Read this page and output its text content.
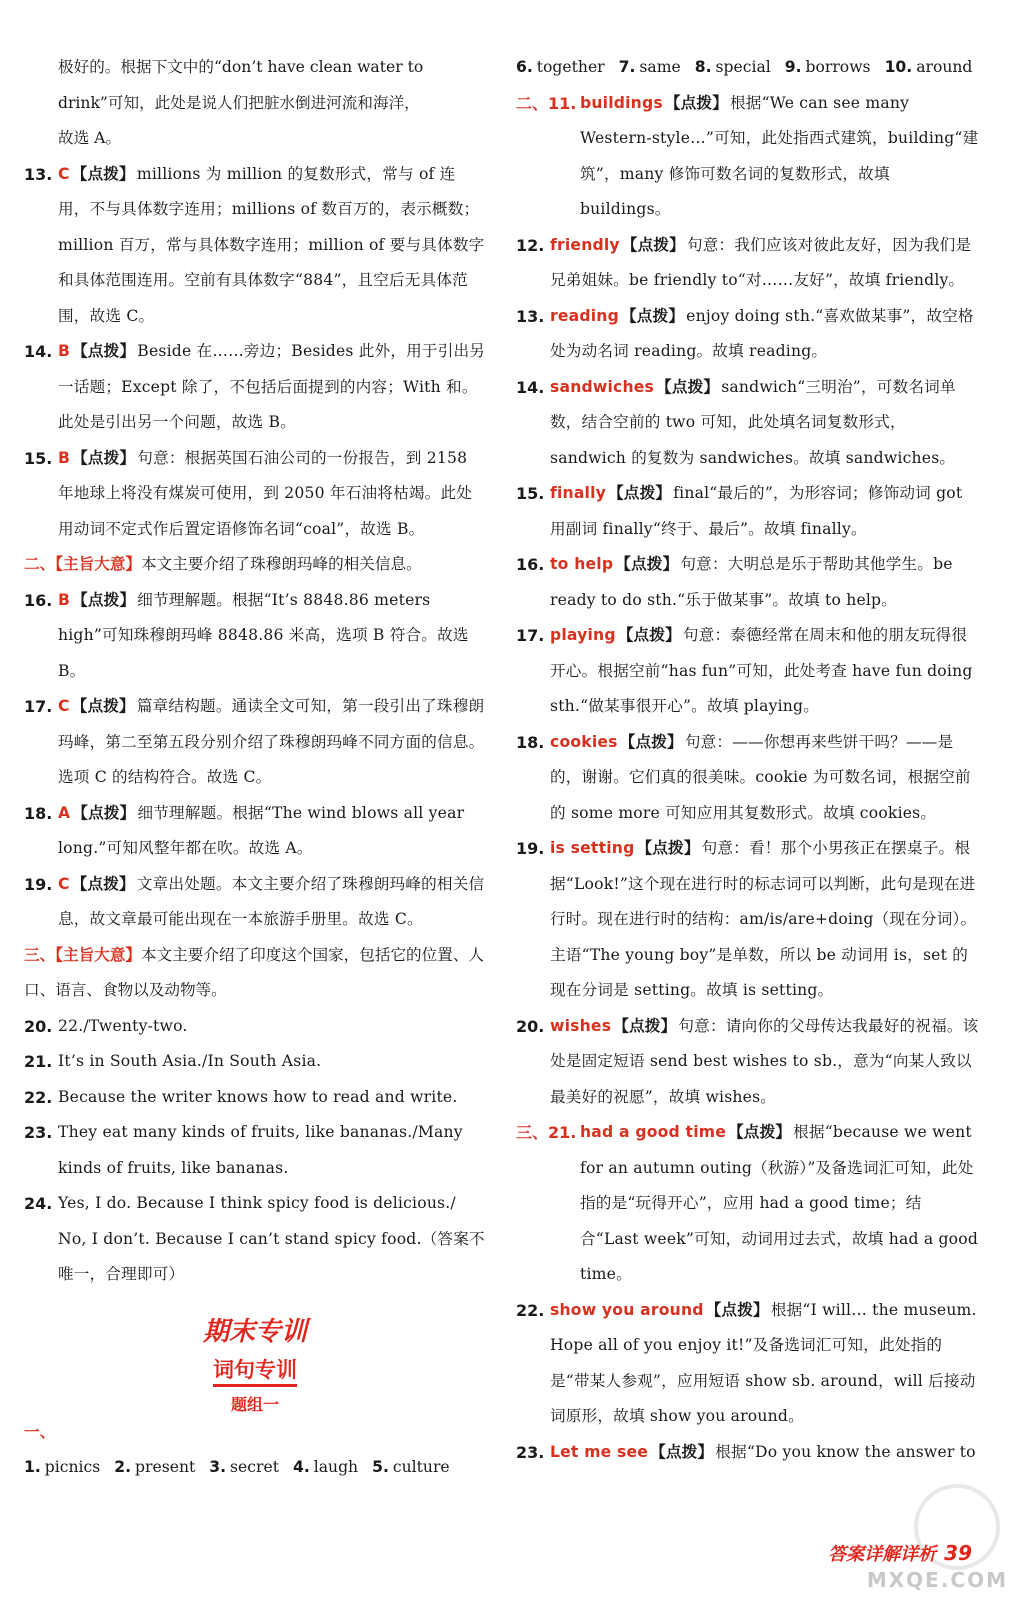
极好的。根据下文中的“don’t have clean water to
drink”可知，此处是说人们把脏水倒进河流和海洋，
故选 A。
13. C 【点拨】 millions 为 million 的复数形式，常与 of 连用，不与具体数字连用；millions of 数百万的，表示概数；million 百万，常与具体数字连用；million of 要与具体数字和具体范围连用。空前有具体数字“884”，且空后无具体范围，故选 C。
14. B 【点拨】 Beside 在……旁边；Besides 此外，用于引出另一话题；Except 除了，不包括后面提到的内容；With 和。此处是引出另一个问题，故选 B。
15. B 【点拨】 句意：根据英国石油公司的一份报告，到 2158 年地球上将没有煤炭可使用，到 2050 年石油将枯竭。此处用动词不定式作后置定语修饰名词“coal”，故选 B。
二、【主旨大意】本文主要介绍了珠穆朗玛峰的相关信息。
16. B 【点拨】 细节理解题。根据“It’s 8848.86 meters high”可知珠穆朗玛峰 8848.86 米高，选项 B 符合。故选 B。
17. C 【点拨】 篇章结构题。通读全文可知，第一段引出了珠穆朗玛峰，第二至第五段分别介绍了珠穆朗玛峰不同方面的信息。选项 C 的结构符合。故选 C。
18. A 【点拨】 细节理解题。根据“The wind blows all year long.”可知风整年都在吹。故选 A。
19. C 【点拨】 文章出处题。本文主要介绍了珠穆朗玛峰的相关信息，故文章最可能出现在一本旅游手册里。故选 C。
三、【主旨大意】本文主要介绍了印度这个国家，包括它的位置、人口、语言、食物以及动物等。
20. 22./Twenty-two.
21. It’s in South Asia./In South Asia.
22. Because the writer knows how to read and write.
23. They eat many kinds of fruits, like bananas./Many kinds of fruits, like bananas.
24. Yes, I do. Because I think spicy food is delicious./ No, I don’t. Because I can’t stand spicy food.（答案不唯一，合理即可）
期末专训
词句专训
题组一
一、1. picnics 2. present 3. secret 4. laugh 5. culture
6. together 7. same 8. special 9. borrows 10. around
二、11. buildings 【点拨】 根据“We can see many Western-style…”可知，此处指西式建筑，building“建筑”，many 修饰可数名词的复数形式，故填 buildings。
12. friendly 【点拨】 句意：我们应该对彼此友好，因为我们是兄弟姐妹。be friendly to“对……友好”，故填 friendly。
13. reading 【点拨】 enjoy doing sth.“喜欢做某事”，故空格处为动名词 reading。故填 reading。
14. sandwiches 【点拨】 sandwich“三明治”，可数名词单数，结合空前的 two 可知，此处填名词复数形式，sandwich 的复数为 sandwiches。故填 sandwiches。
15. finally 【点拨】 final“最后的”，为形容词；修饰动词 got 用副词 finally“终于、最后”。故填 finally。
16. to help 【点拨】 句意：大明总是乐于帮助其他学生。be ready to do sth.“乐于做某事”。故填 to help。
17. playing 【点拨】 句意：泰德经常在周末和他的朋友玩得很开心。根据空前“has fun”可知，此处考查 have fun doing sth.“做某事很开心”。故填 playing。
18. cookies 【点拨】 句意：——你想再来些饼干吗？——是的，谢谢。它们真的很美味。cookie 为可数名词，根据空前的 some more 可知应用其复数形式。故填 cookies。
19. is setting 【点拨】 句意：看！那个小男孩正在摆桌子。根据“Look!”这个现在进行时的标志词可以判断，此句是现在进行时。现在进行时的结构：am/is/are+doing（现在分词）。主语“The young boy”是单数，所以 be 动词用 is，set 的现在分词是 setting。故填 is setting。
20. wishes 【点拨】 句意：请向你的父母传达我最好的祝福。该处是固定短语 send best wishes to sb.，意为“向某人致以最美好的祝愿”，故填 wishes。
三、21. had a good time 【点拨】 根据“because we went for an autumn outing（秋游）”及备选词汇可知，此处指的是“玩得开心”，应用 had a good time；结合“Last week”可知，动词用过去式，故填 had a good time。
22. show you around 【点拨】 根据“I will… the museum. Hope all of you enjoy it!”及备选词汇可知，此处指的是“带某人参观”，应用短语 show sb. around，will 后接动词原形，故填 show you around。
23. Let me see 【点拨】 根据“Do you know the answer to
答案详解详析 39
MXQE.COM
